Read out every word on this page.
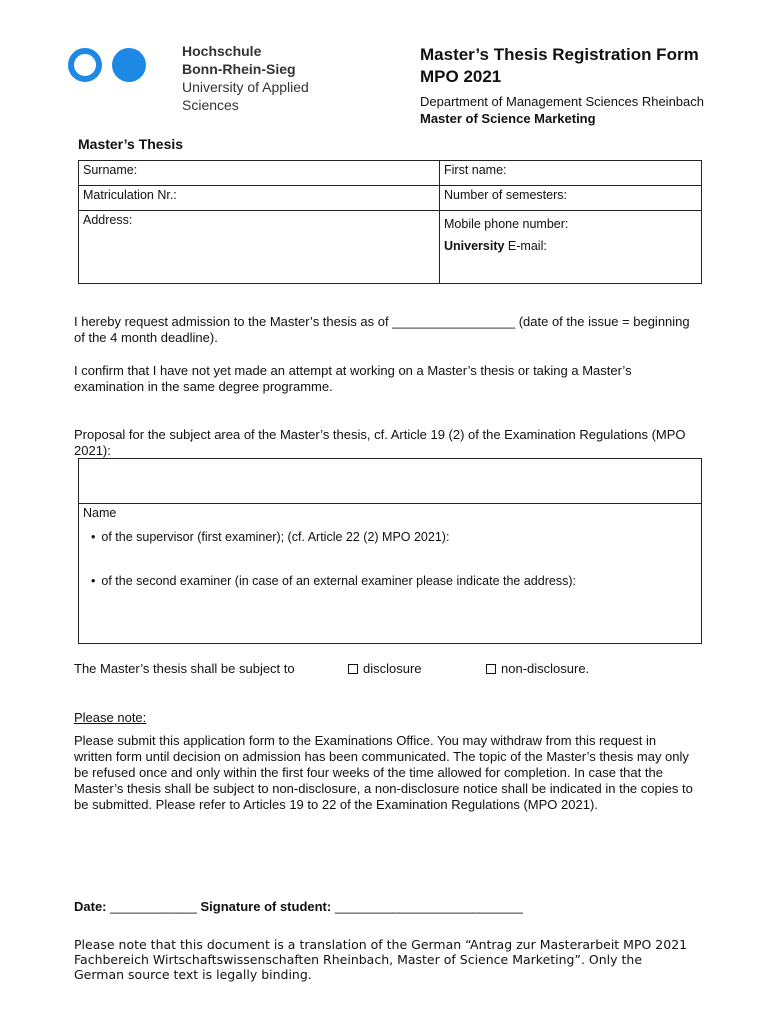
Hochschule
Bonn-Rhein-Sieg
University of Applied Sciences
Master’s Thesis Registration Form
MPO 2021
Department of Management Sciences Rheinbach
Master of Science Marketing
Master’s Thesis
Surname:	First name:
Matriculation Nr.:	Number of semesters:
Address:	Mobile phone number:
University E-mail:

I hereby request admission to the Master’s thesis as of _________________ (date of the issue = beginning of the 4 month deadline).

I confirm that I have not yet made an attempt at working on a Master’s thesis or taking a Master’s examination in the same degree programme.

Proposal for the subject area of the Master’s thesis, cf. Article 19 (2) of the Examination Regulations (MPO 2021):

Name
• of the supervisor (first examiner); (cf. Article 22 (2) MPO 2021):
• of the second examiner (in case of an external examiner please indicate the address):
The Master’s thesis shall be subject to	disclosure	non-disclosure.
Please note:

Please submit this application form to the Examinations Office. You may withdraw from this request in written form until decision on admission has been communicated. The topic of the Master’s thesis may only be refused once and only within the first four weeks of the time allowed for completion. In case that the Master’s thesis shall be subject to non-disclosure, a non-disclosure notice shall be indicated in the copies to be submitted. Please refer to Articles 19 to 22 of the Examination Regulations (MPO 2021).

Date: ____________ Signature of student: __________________________
Please note that this document is a translation of the German “Antrag zur Masterarbeit MPO 2021 Fachbereich Wirtschaftswissenschaften Rheinbach, Master of Science Marketing”. Only the German source text is legally binding.
